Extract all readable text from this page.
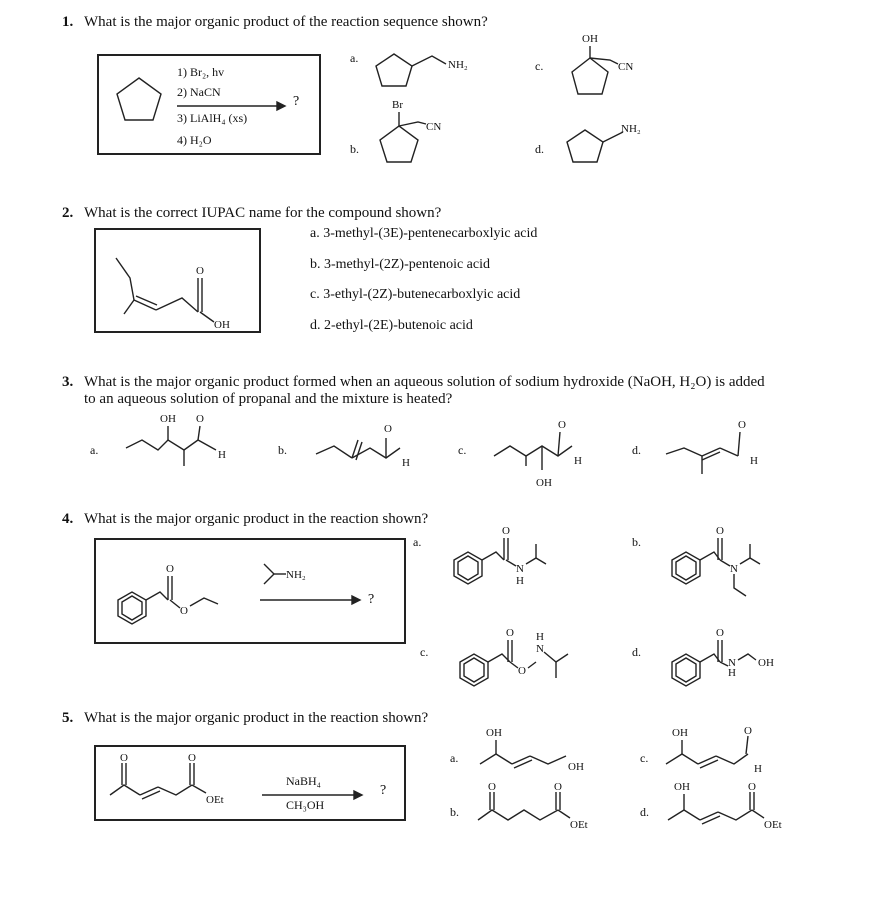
1. What is the major organic product of the reaction sequence shown?
1) Br₂, hv
2) NaCN
3) LiAlH₄ (xs)
4) H₂O
?
a.	NH₂
b.
Br
CN
c.
OH
CN
d.
NH₂
2. What is the correct IUPAC name for the compound shown?
O
OH
a. 3-methyl-(3E)-pentenecarboxlyic acid
b. 3-methyl-(2Z)-pentenoic acid
c. 3-ethyl-(2Z)-butenecarboxlyic acid
d. 2-ethyl-(2E)-butenoic acid
3. What is the major organic product formed when an aqueous solution of sodium hydroxide (NaOH, H₂O) is added
to an aqueous solution of propanal and the mixture is heated?
a.
OH O
H	b.
O
H
c.
OH
O
H
d.
O
H
4. What is the major organic product in the reaction shown?
O
O
NH₂
?
a.
O
N
H
b.
O
N
c.
O
O
H
N	d.
O
N
H
OH
5. What is the major organic product in the reaction shown?
O	O
OEt
NaBH₄
CH₃OH
?
a.
OH
OH
c.
OH	O
H
b.
O	O
OEt
d.
OH	O
OEt
